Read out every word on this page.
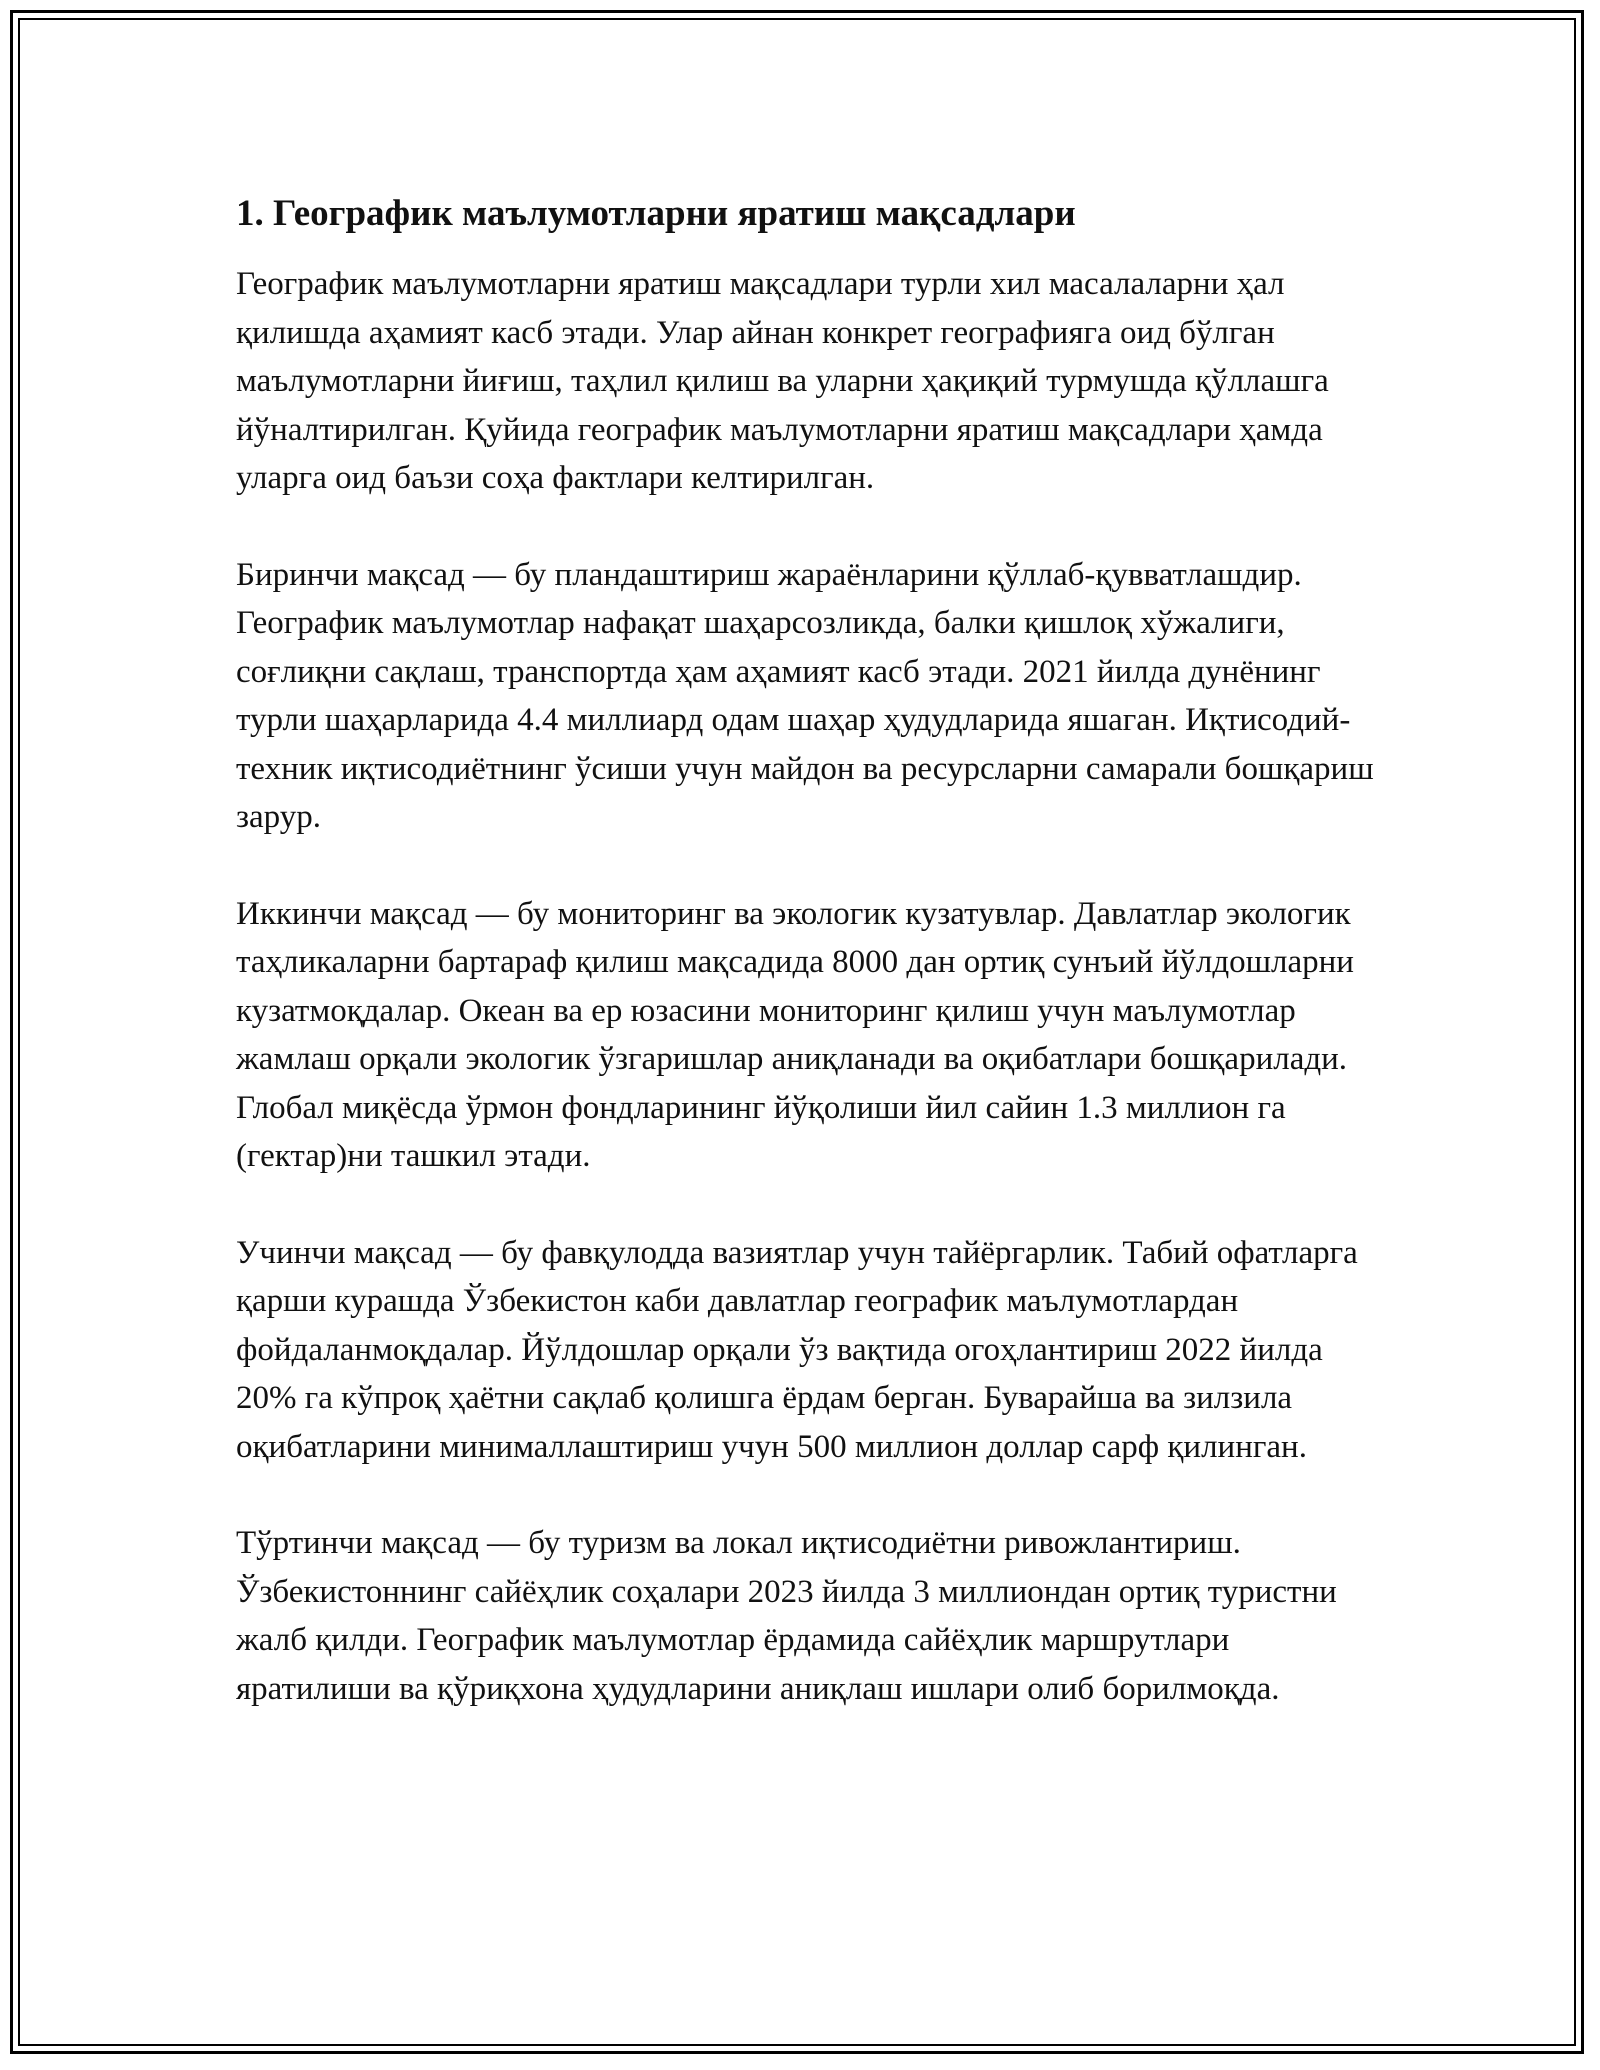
1. Географик маълумотларни яратиш мақсадлари

Географик маълумотларни яратиш мақсадлари турли хил масалаларни ҳал қилишда аҳамият касб этади. Улар айнан конкрет географияга оид бўлган маълумотларни йиғиш, таҳлил қилиш ва уларни ҳақиқий турмушда қўллашга йўналтирилган. Қуйида географик маълумотларни яратиш мақсадлари ҳамда уларга оид баъзи соҳа фактлари келтирилган.

Биринчи мақсад — бу пландаштириш жараёнларини қўллаб-қувватлашдир. Географик маълумотлар нафақат шаҳарсозликда, балки қишлоқ хўжалиги, соғлиқни сақлаш, транспортда ҳам аҳамият касб этади. 2021 йилда дунёнинг турли шаҳарларида 4.4 миллиард одам шаҳар ҳудудларида яшаган. Иқтисодий-техник иқтисодиётнинг ўсиши учун майдон ва ресурсларни самарали бошқариш зарур.

Иккинчи мақсад — бу мониторинг ва экологик кузатувлар. Давлатлар экологик таҳликаларни бартараф қилиш мақсадида 8000 дан ортиқ сунъий йўлдошларни кузатмоқдалар. Океан ва ер юзасини мониторинг қилиш учун маълумотлар жамлаш орқали экологик ўзгаришлар аниқланади ва оқибатлари бошқарилади. Глобал миқёсда ўрмон фондларининг йўқолиши йил сайин 1.3 миллион га (гектар)ни ташкил этади.

Учинчи мақсад — бу фавқулодда вазиятлар учун тайёргарлик. Табий офатларга қарши курашда Ўзбекистон каби давлатлар географик маълумотлардан фойдаланмоқдалар. Йўлдошлар орқали ўз вақтида огоҳлантириш 2022 йилда 20% га кўпроқ ҳаётни сақлаб қолишга ёрдам берган. Буварайша ва зилзила оқибатларини минималлаштириш учун 500 миллион доллар сарф қилинган.

Тўртинчи мақсад — бу туризм ва локал иқтисодиётни ривожлантириш. Ўзбекистоннинг сайёҳлик соҳалари 2023 йилда 3 миллиондан ортиқ туристни жалб қилди. Географик маълумотлар ёрдамида сайёҳлик маршрутлари яратилиши ва қўриқхона ҳудудларини аниқлаш ишлари олиб борилмоқда.
